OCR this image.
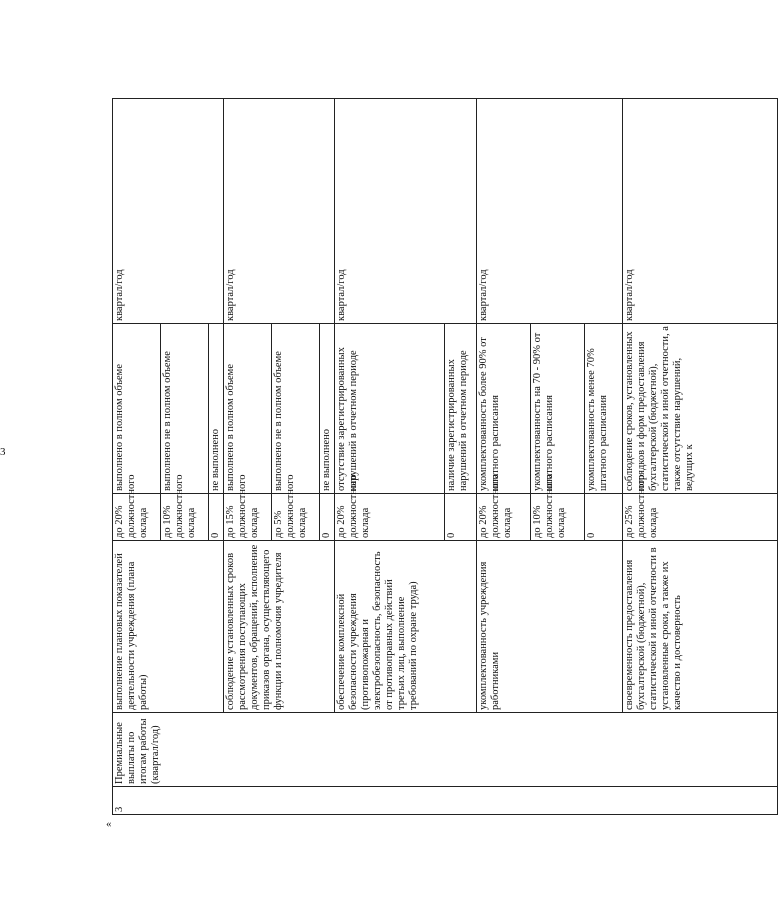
3
«
3	Премиальные выплаты по итогам работы (квартал/год)	выполнение плановых показателей деятельности учреждения (плана работы)	до 20% должностного оклада	выполнено в полном объеме	квартал/год
			до 10% должностного оклада	выполнено не в полном объеме	
			0	не выполнено	
		соблюдение установленных сроков рассмотрения поступающих документов, обращений, исполнение приказов органа, осуществляющего функции и полномочия учредителя	до 15% должностного оклада	выполнено в полном объеме	квартал/год
			до 5% должностного оклада	выполнено не в полном объеме	
			0	не выполнено	
		обеспечение комплексной безопасности учреждения (противопожарная и электробезопасность, безопасность от противоправных действий третьих лиц, выполнение требований по охране труда)	до 20% должностного оклада	отсутствие зарегистрированных нарушений в отчетном периоде	квартал/год
			0	наличие зарегистрированных нарушений в отчетном периоде	
		укомплектованность учреждения работниками	до 20% должностного оклада	укомплектованность более 90% от штатного расписания	квартал/год
			до 10% должностного оклада	укомплектованность на 70 - 90% от штатного расписания	
			0	укомплектованность менее 70% штатного расписания	
		своевременность предоставления бухгалтерской (бюджетной), статистической и иной отчетности в установленные сроки, а также их качество и достоверность	до 25% должностного оклада	соблюдение сроков, установленных порядков и форм предоставления бухгалтерской (бюджетной), статистической и иной отчетности, а также отсутствие нарушений, ведущих к	квартал/год
